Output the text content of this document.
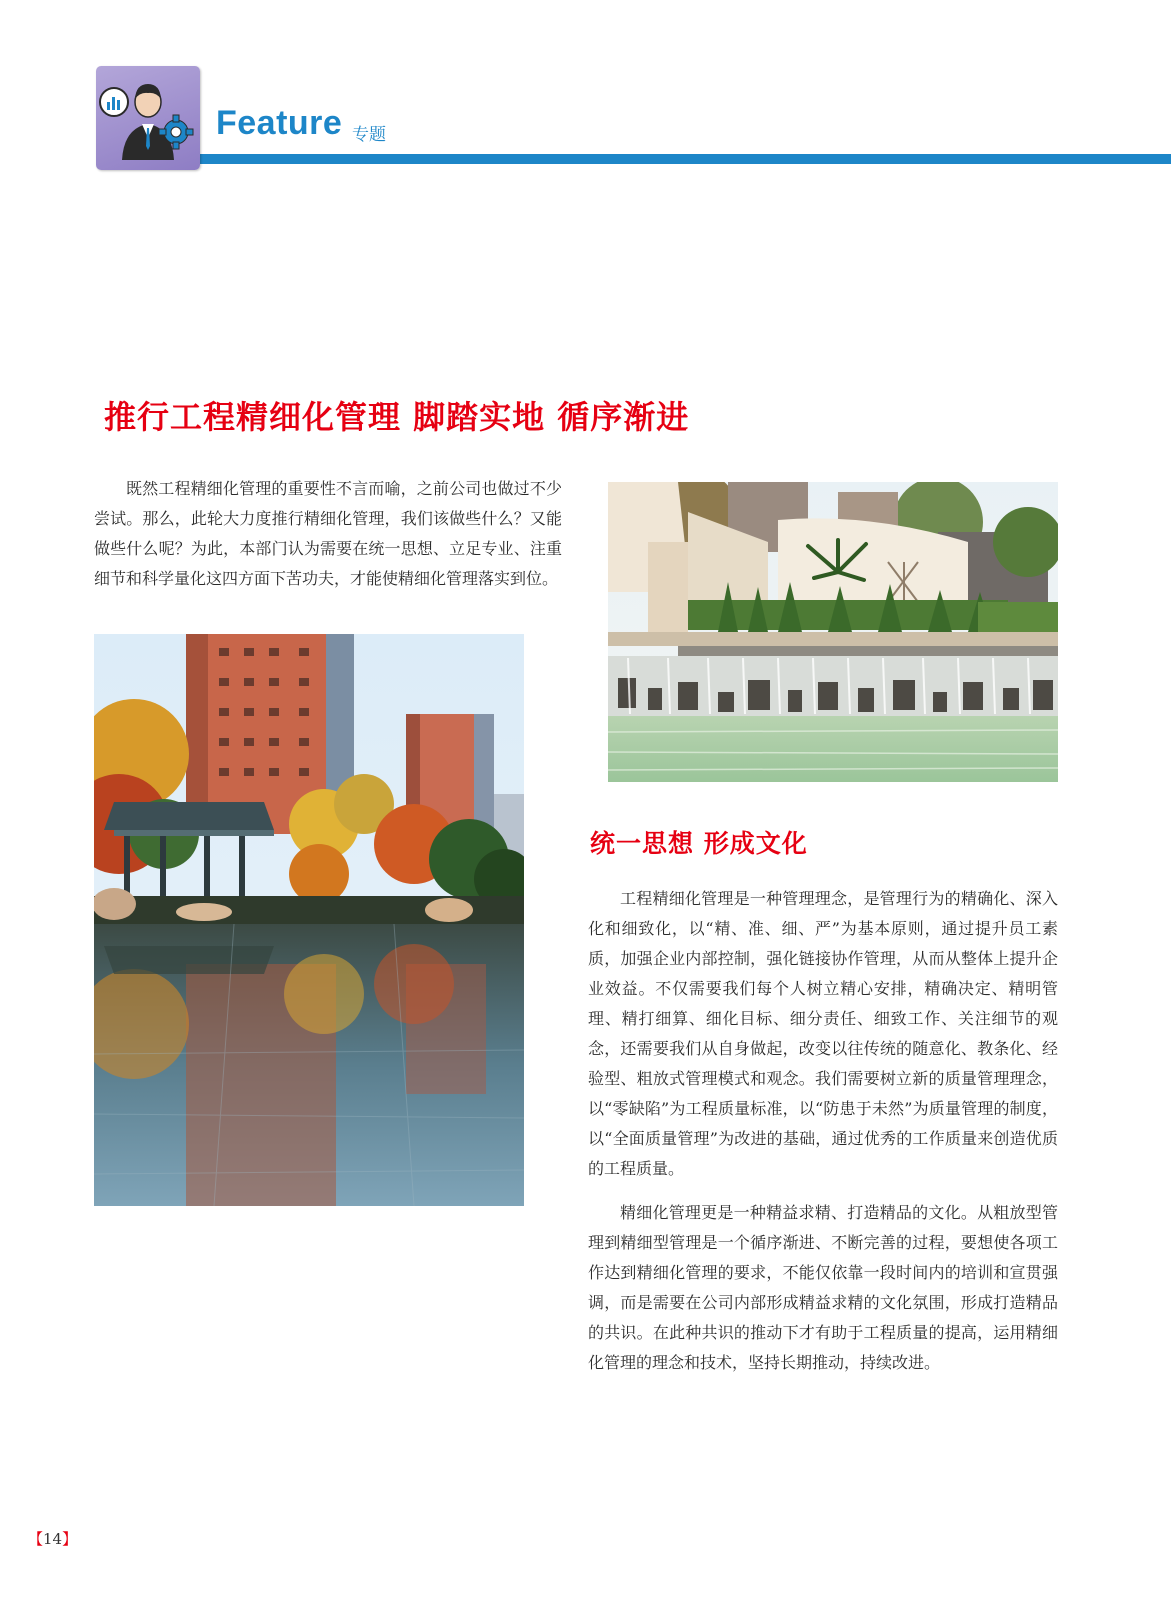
Feature 专题
推行工程精细化管理 脚踏实地 循序渐进

既然工程精细化管理的重要性不言而喻，之前公司也做过不少尝试。那么，此轮大力度推行精细化管理，我们该做些什么？又能做些什么呢？为此，本部门认为需要在统一思想、立足专业、注重细节和科学量化这四方面下苦功夫，才能使精细化管理落实到位。

统一思想 形成文化

工程精细化管理是一种管理理念，是管理行为的精确化、深入化和细致化，以“精、准、细、严”为基本原则，通过提升员工素质，加强企业内部控制，强化链接协作管理，从而从整体上提升企业效益。不仅需要我们每个人树立精心安排，精确决定、精明管理、精打细算、细化目标、细分责任、细致工作、关注细节的观念，还需要我们从自身做起，改变以往传统的随意化、教条化、经验型、粗放式管理模式和观念。我们需要树立新的质量管理理念，以“零缺陷”为工程质量标准，以“防患于未然”为质量管理的制度，以“全面质量管理”为改进的基础，通过优秀的工作质量来创造优质的工程质量。

精细化管理更是一种精益求精、打造精品的文化。从粗放型管理到精细型管理是一个循序渐进、不断完善的过程，要想使各项工作达到精细化管理的要求，不能仅依靠一段时间内的培训和宣贯强调，而是需要在公司内部形成精益求精的文化氛围，形成打造精品的共识。在此种共识的推动下才有助于工程质量的提高，运用精细化管理的理念和技术，坚持长期推动，持续改进。

【14】
